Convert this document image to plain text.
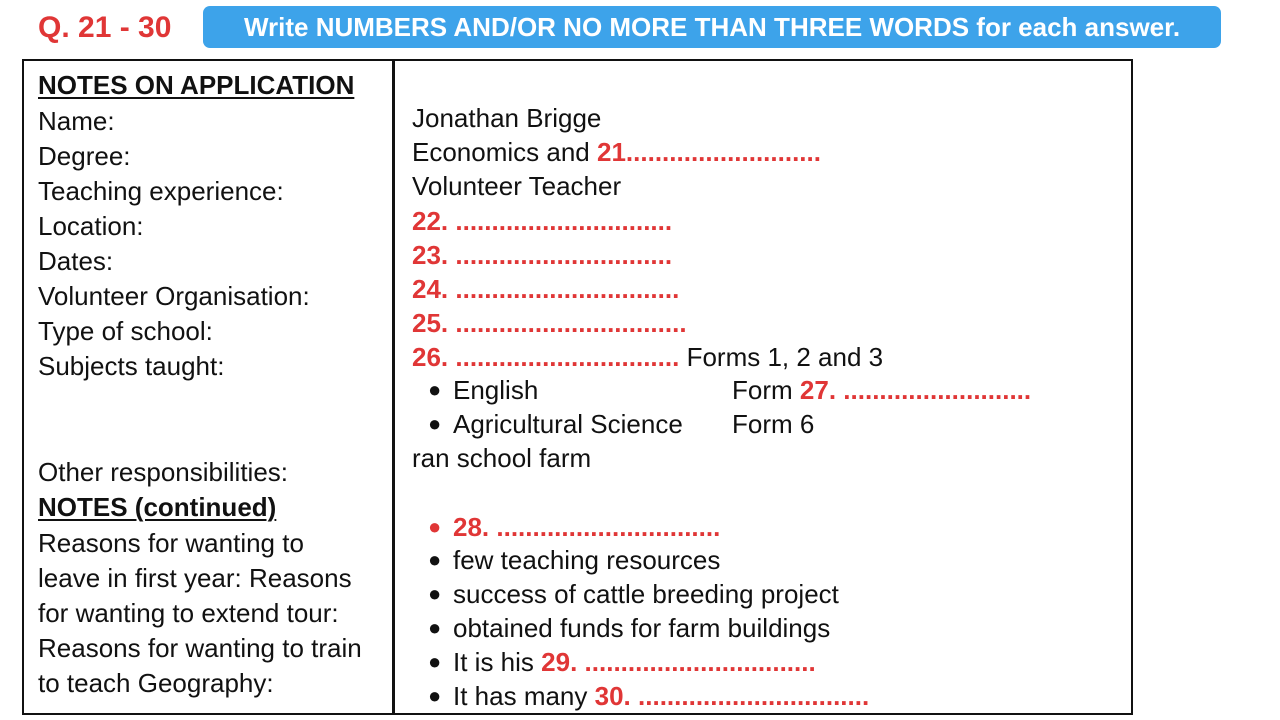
Q. 21 - 30	Write NUMBERS AND/OR NO MORE THAN THREE WORDS for each answer.
NOTES ON APPLICATION
Name:
Degree:
Teaching experience:
Location:
Dates:
Volunteer Organisation:
Type of school:
Subjects taught:
Other responsibilities:
NOTES (continued)
Reasons for wanting to
leave in first year: Reasons
for wanting to extend tour:
Reasons for wanting to train
to teach Geography:
Jonathan Brigge
Economics and 21...........................
Volunteer Teacher
22. ..............................
23. ..............................
24. ...............................
25. ................................
26. ............................... Forms 1, 2 and 3
● English	Form 27. ..........................
● Agricultural Science Form 6
ran school farm
● 28. ...............................
● few teaching resources
● success of cattle breeding project
● obtained funds for farm buildings
● It is his 29. ................................
● It has many 30. ................................
